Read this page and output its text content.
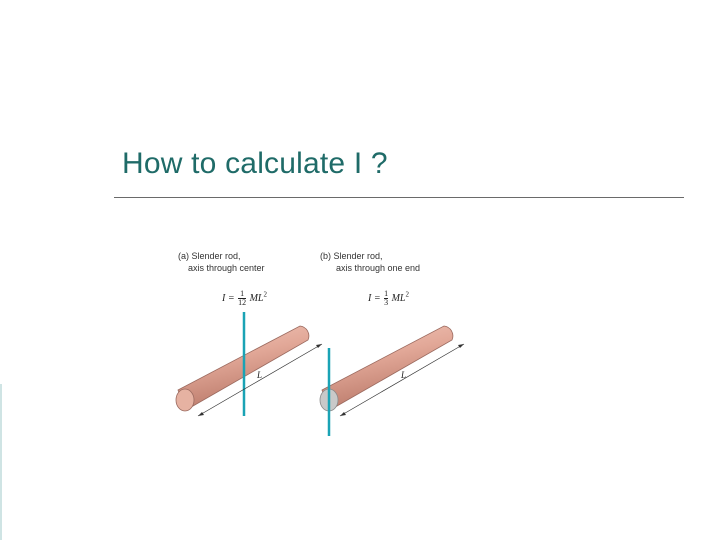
How to calculate I ?
(a) Slender rod,
axis through center
$I = \frac{1}{12} ML^2$
L
(b) Slender rod,
axis through one end
$I = \frac{1}{3} ML^2$
L
